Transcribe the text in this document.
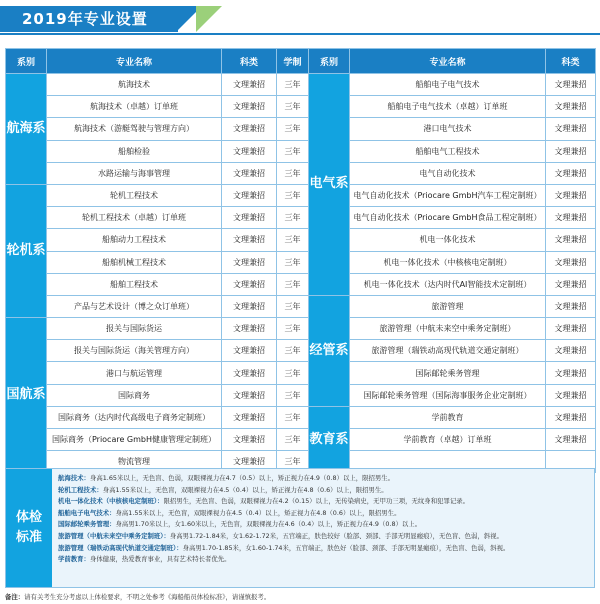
2019年专业设置
系别	专业名称	科类	学制	系别	专业名称	科类
航海系	航海技术	文理兼招	三年	电气系	船舶电子电气技术	文理兼招
	航海技术（卓越）订单班	文理兼招	三年		船舶电子电气技术（卓越）订单班	文理兼招
	航海技术（游艇驾驶与管理方向）	文理兼招	三年		港口电气技术	文理兼招
	船舶检验	文理兼招	三年		船舶电气工程技术	文理兼招
	水路运输与海事管理	文理兼招	三年		电气自动化技术	文理兼招
轮机系	轮机工程技术	文理兼招	三年		电气自动化技术（Priocare GmbH汽车工程定制班）	文理兼招
	轮机工程技术（卓越）订单班	文理兼招	三年		电气自动化技术（Priocare GmbH食品工程定制班）	文理兼招
	船舶动力工程技术	文理兼招	三年		机电一体化技术	文理兼招
	船舶机械工程技术	文理兼招	三年		机电一体化技术（中核核电定制班）	文理兼招
	船舶工程技术	文理兼招	三年		机电一体化技术（达内时代AI智能技术定制班）	文理兼招
	产品与艺术设计（博之众订单班）	文理兼招	三年	经管系	旅游管理	文理兼招
国航系	报关与国际货运	文理兼招	三年		旅游管理（中航未来空中乘务定制班）	文理兼招
	报关与国际货运（海关管理方向）	文理兼招	三年		旅游管理（瑞铁动高现代轨道交通定制班）	文理兼招
	港口与航运管理	文理兼招	三年		国际邮轮乘务管理	文理兼招
	国际商务	文理兼招	三年		国际邮轮乘务管理（国际海事服务企业定制班）	文理兼招
	国际商务（达内时代高级电子商务定制班）	文理兼招	三年	教育系	学前教育	文理兼招
	国际商务（Priocare GmbH健康管理定制班）	文理兼招	三年		学前教育（卓越）订单班	文理兼招
	物流管理	文理兼招	三年			
体检标准
航海技术：身高1.65米以上，无色盲、色弱，双眼裸视力在4.7（0.5）以上，矫正视力在4.9（0.8）以上，限招男生。
轮机工程技术：身高1.55米以上，无色盲，双眼裸视力在4.5（0.4）以上，矫正视力在4.8（0.6）以上，限招男生。
机电一体化技术（中核核电定制班）：限招男生，无色盲、色弱，双眼裸视力在4.2（0.15）以上，无传染病史，无甲功三项，无纹身和犯罪记录。
船舶电子电气技术：身高1.55米以上，无色盲，双眼裸视力在4.5（0.4）以上，矫正视力在4.8（0.6）以上，限招男生。
国际邮轮乘务管理：身高男1.70米以上，女1.60米以上，无色盲，双眼裸视力在4.6（0.4）以上，矫正视力在4.9（0.8）以上。
旅游管理（中航未来空中乘务定制班）：身高男1.72-1.84米，女1.62-1.72米，五官端正，肤色较好（脸部、颈部、手部无明显瘢痕），无色盲、色弱，斜视。
旅游管理（瑞铁动高现代轨道交通定制班）：身高男1.70-1.85米，女1.60-1.74米，五官端正，肤色好（脸部、颈部、手部无明显瘢痕），无色盲、色弱，斜视。
学前教育：身体健康，热爱教育事业，具有艺术特长者优先。
备注：请有关考生充分考虑以上体检要求，不明之处参考《海船船员体检标准》，请谨慎报考。
